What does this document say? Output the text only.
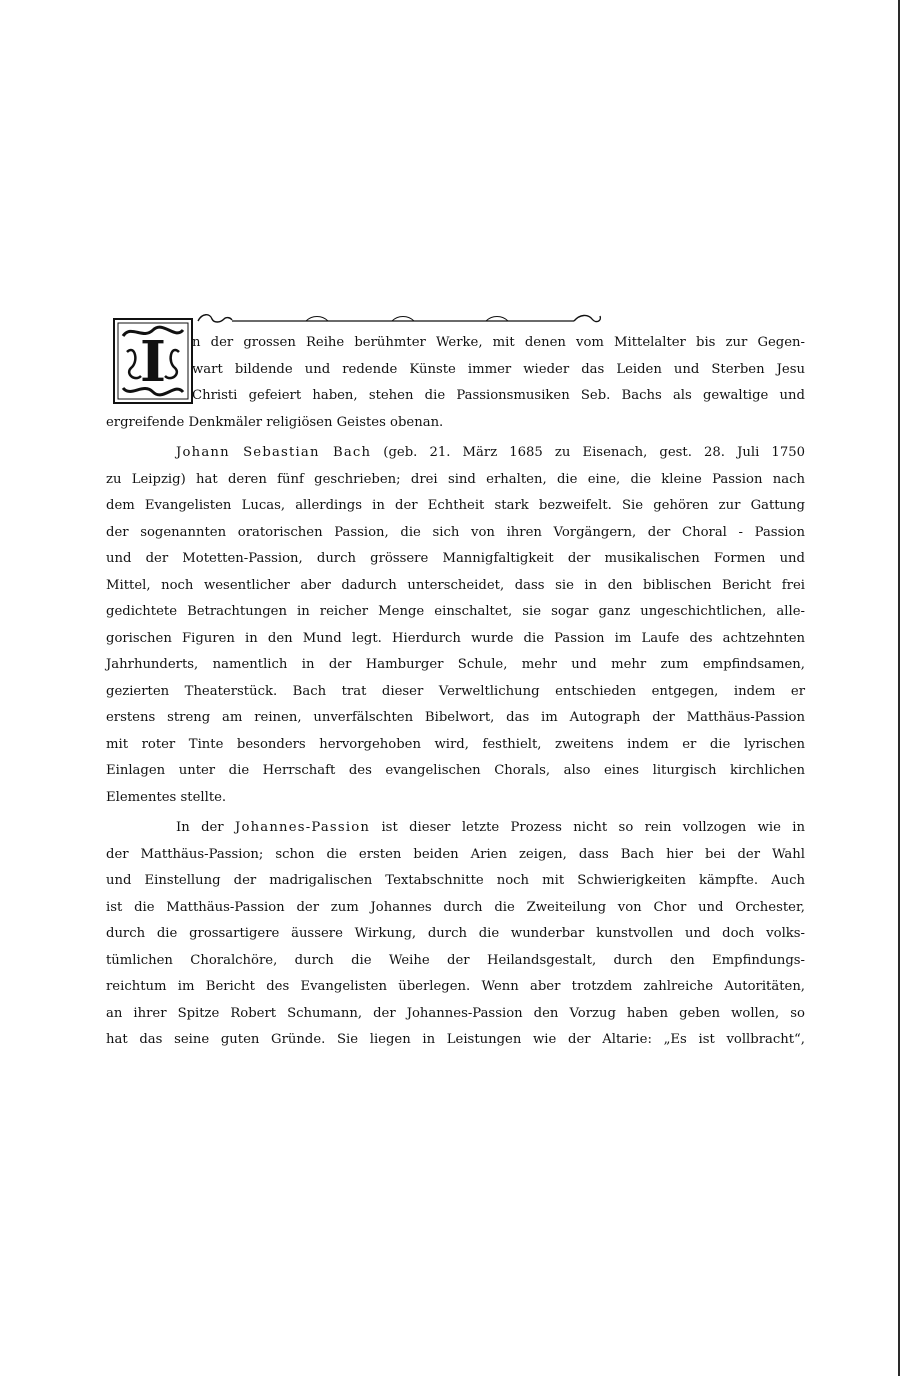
I	n der grossen Reihe berühmter Werke, mit denen vom Mittelalter bis zur Gegen-
wart bildende und redende Künste immer wieder das Leiden und Sterben Jesu
Christi gefeiert haben, stehen die Passionsmusiken Seb. Bachs als gewaltige und
ergreifende Denkmäler religiösen Geistes obenan.
Johann Sebastian Bach (geb. 21. März 1685 zu Eisenach, gest. 28. Juli 1750
zu Leipzig) hat deren fünf geschrieben; drei sind erhalten, die eine, die kleine Passion nach
dem Evangelisten Lucas, allerdings in der Echtheit stark bezweifelt. Sie gehören zur Gattung
der sogenannten oratorischen Passion, die sich von ihren Vorgängern, der Choral - Passion
und der Motetten-Passion, durch grössere Mannigfaltigkeit der musikalischen Formen und
Mittel, noch wesentlicher aber dadurch unterscheidet, dass sie in den biblischen Bericht frei
gedichtete Betrachtungen in reicher Menge einschaltet, sie sogar ganz ungeschichtlichen, alle-
gorischen Figuren in den Mund legt. Hierdurch wurde die Passion im Laufe des achtzehnten
Jahrhunderts, namentlich in der Hamburger Schule, mehr und mehr zum empfindsamen,
gezierten Theaterstück. Bach trat dieser Verweltlichung entschieden entgegen, indem er
erstens streng am reinen, unverfälschten Bibelwort, das im Autograph der Matthäus-Passion
mit roter Tinte besonders hervorgehoben wird, festhielt, zweitens indem er die lyrischen
Einlagen unter die Herrschaft des evangelischen Chorals, also eines liturgisch kirchlichen
Elementes stellte.
In der Johannes-Passion ist dieser letzte Prozess nicht so rein vollzogen wie in
der Matthäus-Passion; schon die ersten beiden Arien zeigen, dass Bach hier bei der Wahl
und Einstellung der madrigalischen Textabschnitte noch mit Schwierigkeiten kämpfte. Auch
ist die Matthäus-Passion der zum Johannes durch die Zweiteilung von Chor und Orchester,
durch die grossartigere äussere Wirkung, durch die wunderbar kunstvollen und doch volks-
tümlichen Choralchöre, durch die Weihe der Heilandsgestalt, durch den Empfindungs-
reichtum im Bericht des Evangelisten überlegen. Wenn aber trotzdem zahlreiche Autoritäten,
an ihrer Spitze Robert Schumann, der Johannes-Passion den Vorzug haben geben wollen, so
hat das seine guten Gründe. Sie liegen in Leistungen wie der Altarie: „Es ist vollbracht“,
